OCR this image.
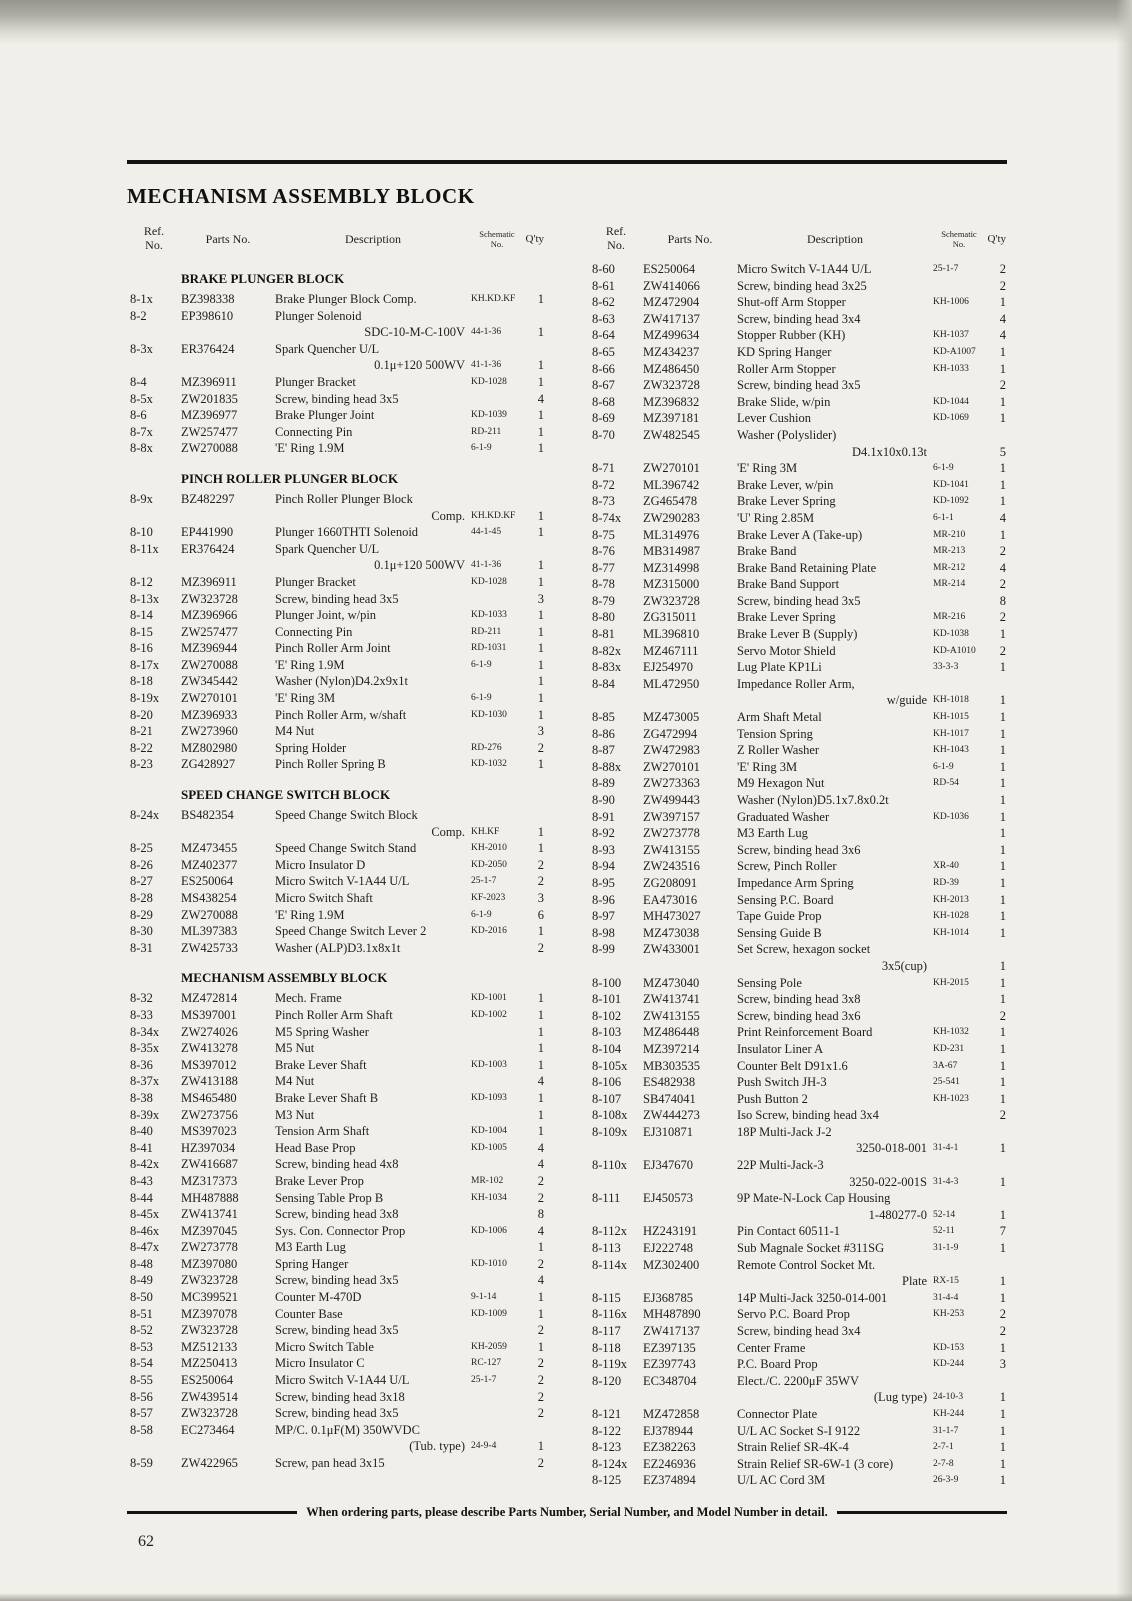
MECHANISM ASSEMBLY BLOCK
Ref.
No.	Parts No.	Description	Schematic
No.	Q'ty
BRAKE PLUNGER BLOCK
8-1x	BZ398338	Brake Plunger Block Comp.	KH.KD.KF	1
8-2	EP398610	Plunger Solenoid
SDC-10-M-C-100V 44-1-36	1
8-3x	ER376424	Spark Quencher U/L
0.1μ+120 500WV 41-1-36	1
8-4	MZ396911	Plunger Bracket	KD-1028	1
8-5x	ZW201835	Screw, binding head 3x5	4
8-6	MZ396977	Brake Plunger Joint	KD-1039	1
8-7x	ZW257477	Connecting Pin	RD-211	1
8-8x	ZW270088	'E' Ring 1.9M	6-1-9	1
PINCH ROLLER PLUNGER BLOCK
8-9x	BZ482297	Pinch Roller Plunger Block
Comp. KH.KD.KF	1
8-10	EP441990	Plunger 1660THTI Solenoid	44-1-45	1
8-11x	ER376424	Spark Quencher U/L
0.1μ+120 500WV 41-1-36	1
8-12	MZ396911	Plunger Bracket	KD-1028	1
8-13x	ZW323728	Screw, binding head 3x5	3
8-14	MZ396966	Plunger Joint, w/pin	KD-1033	1
8-15	ZW257477	Connecting Pin	RD-211	1
8-16	MZ396944	Pinch Roller Arm Joint	RD-1031	1
8-17x	ZW270088	'E' Ring 1.9M	6-1-9	1
8-18	ZW345442	Washer (Nylon)D4.2x9x1t	1
8-19x	ZW270101	'E' Ring 3M	6-1-9	1
8-20	MZ396933	Pinch Roller Arm, w/shaft	KD-1030	1
8-21	ZW273960	M4 Nut	3
8-22	MZ802980	Spring Holder	RD-276	2
8-23	ZG428927	Pinch Roller Spring B	KD-1032	1
SPEED CHANGE SWITCH BLOCK
8-24x	BS482354	Speed Change Switch Block
Comp. KH.KF	1
8-25	MZ473455	Speed Change Switch Stand	KH-2010	1
8-26	MZ402377	Micro Insulator D	KD-2050	2
8-27	ES250064	Micro Switch V-1A44 U/L	25-1-7	2
8-28	MS438254	Micro Switch Shaft	KF-2023	3
8-29	ZW270088	'E' Ring 1.9M	6-1-9	6
8-30	ML397383	Speed Change Switch Lever 2	KD-2016	1
8-31	ZW425733	Washer (ALP)D3.1x8x1t	2
MECHANISM ASSEMBLY BLOCK
8-32	MZ472814	Mech. Frame	KD-1001	1
8-33	MS397001	Pinch Roller Arm Shaft	KD-1002	1
8-34x	ZW274026	M5 Spring Washer	1
8-35x	ZW413278	M5 Nut	1
8-36	MS397012	Brake Lever Shaft	KD-1003	1
8-37x	ZW413188	M4 Nut	4
8-38	MS465480	Brake Lever Shaft B	KD-1093	1
8-39x	ZW273756	M3 Nut	1
8-40	MS397023	Tension Arm Shaft	KD-1004	1
8-41	HZ397034	Head Base Prop	KD-1005	4
8-42x	ZW416687	Screw, binding head 4x8	4
8-43	MZ317373	Brake Lever Prop	MR-102	2
8-44	MH487888	Sensing Table Prop B	KH-1034	2
8-45x	ZW413741	Screw, binding head 3x8	8
8-46x	MZ397045	Sys. Con. Connector Prop	KD-1006	4
8-47x	ZW273778	M3 Earth Lug	1
8-48	MZ397080	Spring Hanger	KD-1010	2
8-49	ZW323728	Screw, binding head 3x5	4
8-50	MC399521	Counter M-470D	9-1-14	1
8-51	MZ397078	Counter Base	KD-1009	1
8-52	ZW323728	Screw, binding head 3x5	2
8-53	MZ512133	Micro Switch Table	KH-2059	1
8-54	MZ250413	Micro Insulator C	RC-127	2
8-55	ES250064	Micro Switch V-1A44 U/L	25-1-7	2
8-56	ZW439514	Screw, binding head 3x18	2
8-57	ZW323728	Screw, binding head 3x5	2
8-58	EC273464	MP/C. 0.1μF(M) 350WVDC
(Tub. type) 24-9-4	1
8-59	ZW422965	Screw, pan head 3x15	2
Ref.
No.	Parts No.	Description	Schematic
No.	Q'ty
8-60	ES250064	Micro Switch V-1A44 U/L	25-1-7	2
8-61	ZW414066	Screw, binding head 3x25	2
8-62	MZ472904	Shut-off Arm Stopper	KH-1006	1
8-63	ZW417137	Screw, binding head 3x4	4
8-64	MZ499634	Stopper Rubber (KH)	KH-1037	4
8-65	MZ434237	KD Spring Hanger	KD-A1007	1
8-66	MZ486450	Roller Arm Stopper	KH-1033	1
8-67	ZW323728	Screw, binding head 3x5	2
8-68	MZ396832	Brake Slide, w/pin	KD-1044	1
8-69	MZ397181	Lever Cushion	KD-1069	1
8-70	ZW482545	Washer (Polyslider)
D4.1x10x0.13t	5
8-71	ZW270101	'E' Ring 3M	6-1-9	1
8-72	ML396742	Brake Lever, w/pin	KD-1041	1
8-73	ZG465478	Brake Lever Spring	KD-1092	1
8-74x	ZW290283	'U' Ring 2.85M	6-1-1	4
8-75	ML314976	Brake Lever A (Take-up)	MR-210	1
8-76	MB314987	Brake Band	MR-213	2
8-77	MZ314998	Brake Band Retaining Plate	MR-212	4
8-78	MZ315000	Brake Band Support	MR-214	2
8-79	ZW323728	Screw, binding head 3x5	8
8-80	ZG315011	Brake Lever Spring	MR-216	2
8-81	ML396810	Brake Lever B (Supply)	KD-1038	1
8-82x	MZ467111	Servo Motor Shield	KD-A1010	2
8-83x	EJ254970	Lug Plate KP1Li	33-3-3	1
8-84	ML472950	Impedance Roller Arm,
w/guide KH-1018	1
8-85	MZ473005	Arm Shaft Metal	KH-1015	1
8-86	ZG472994	Tension Spring	KH-1017	1
8-87	ZW472983	Z Roller Washer	KH-1043	1
8-88x	ZW270101	'E' Ring 3M	6-1-9	1
8-89	ZW273363	M9 Hexagon Nut	RD-54	1
8-90	ZW499443	Washer (Nylon)D5.1x7.8x0.2t	1
8-91	ZW397157	Graduated Washer	KD-1036	1
8-92	ZW273778	M3 Earth Lug	1
8-93	ZW413155	Screw, binding head 3x6	1
8-94	ZW243516	Screw, Pinch Roller	XR-40	1
8-95	ZG208091	Impedance Arm Spring	RD-39	1
8-96	EA473016	Sensing P.C. Board	KH-2013	1
8-97	MH473027	Tape Guide Prop	KH-1028	1
8-98	MZ473038	Sensing Guide B	KH-1014	1
8-99	ZW433001	Set Screw, hexagon socket
3x5(cup)	1
8-100	MZ473040	Sensing Pole	KH-2015	1
8-101	ZW413741	Screw, binding head 3x8	1
8-102	ZW413155	Screw, binding head 3x6	2
8-103	MZ486448	Print Reinforcement Board	KH-1032	1
8-104	MZ397214	Insulator Liner A	KD-231	1
8-105x	MB303535	Counter Belt D91x1.6	3A-67	1
8-106	ES482938	Push Switch JH-3	25-541	1
8-107	SB474041	Push Button 2	KH-1023	1
8-108x	ZW444273	Iso Screw, binding head 3x4	2
8-109x	EJ310871	18P Multi-Jack J-2
3250-018-001 31-4-1	1
8-110x	EJ347670	22P Multi-Jack-3
3250-022-001S 31-4-3	1
8-111	EJ450573	9P Mate-N-Lock Cap Housing
1-480277-0 52-14	1
8-112x	HZ243191	Pin Contact 60511-1	52-11	7
8-113	EJ222748	Sub Magnale Socket #311SG	31-1-9	1
8-114x	MZ302400	Remote Control Socket Mt.
Plate RX-15	1
8-115	EJ368785	14P Multi-Jack 3250-014-001	31-4-4	1
8-116x	MH487890	Servo P.C. Board Prop	KH-253	2
8-117	ZW417137	Screw, binding head 3x4	2
8-118	EZ397135	Center Frame	KD-153	1
8-119x	EZ397743	P.C. Board Prop	KD-244	3
8-120	EC348704	Elect./C. 2200μF 35WV
(Lug type) 24-10-3	1
8-121	MZ472858	Connector Plate	KH-244	1
8-122	EJ378944	U/L AC Socket S-I 9122	31-1-7	1
8-123	EZ382263	Strain Relief SR-4K-4	2-7-1	1
8-124x	EZ246936	Strain Relief SR-6W-1 (3 core)	2-7-8	1
8-125	EZ374894	U/L AC Cord 3M	26-3-9	1
When ordering parts, please describe Parts Number, Serial Number, and Model Number in detail.
62
